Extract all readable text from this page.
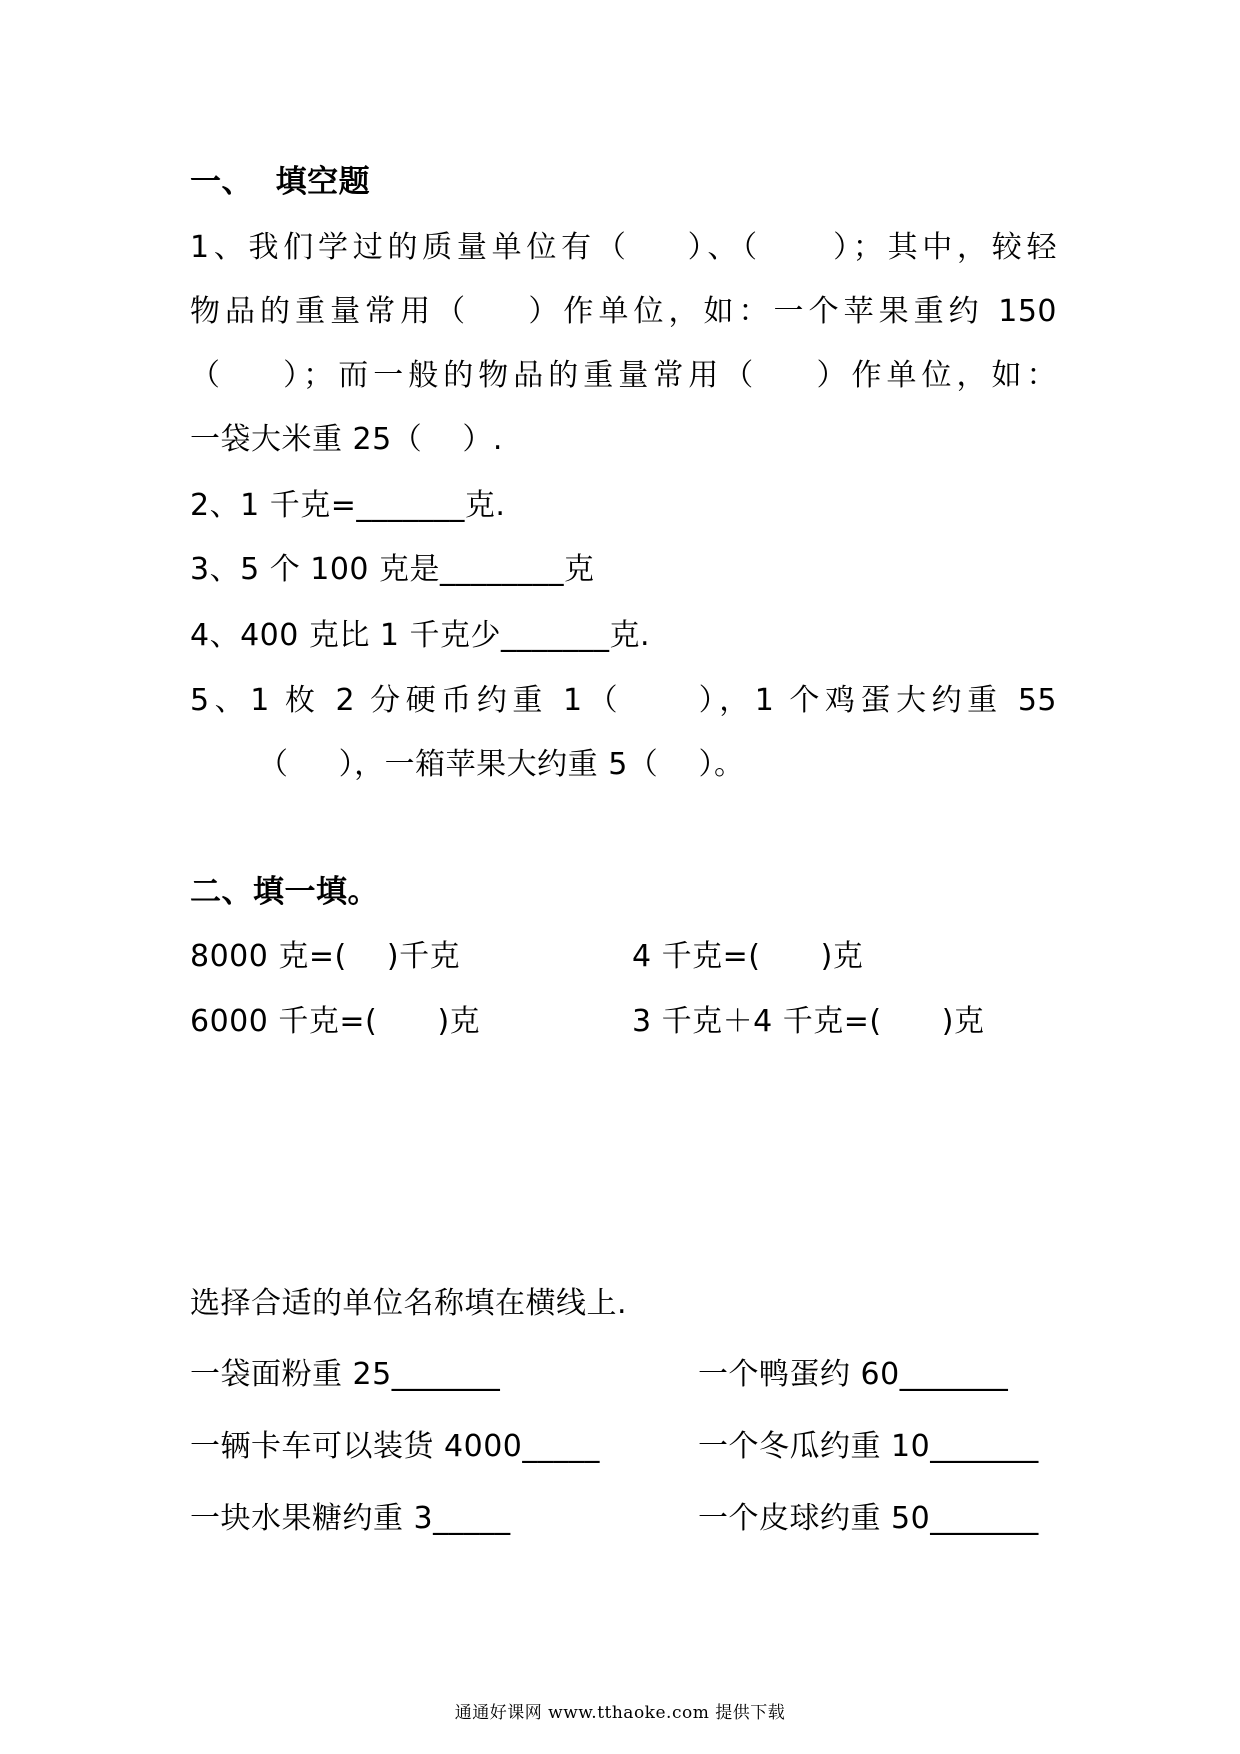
一、  填空题
1、我们学过的质量单位有（    ）、（     ）；其中，较轻
物品的重量常用（    ）作单位，如：一个苹果重约 150
（    ）；而一般的物品的重量常用（    ）作单位，如：
一袋大米重 25（    ）.
2、1 千克=_______克.
3、5 个 100 克是________克
4、400 克比 1 千克少_______克.
5、1 枚 2 分硬币约重 1（     ），1 个鸡蛋大约重 55
（     ），一箱苹果大约重 5（    ）。
二、填一填。
8000 克=(    )千克	4 千克=(      )克
6000 千克=(      )克	3 千克＋4 千克=(      )克
选择合适的单位名称填在横线上.
一袋面粉重 25_______	一个鸭蛋约 60_______
一辆卡车可以装货 4000_____	一个冬瓜约重 10_______
一块水果糖约重 3_____	一个皮球约重 50_______
通通好课网 www.tthaoke.com 提供下载
